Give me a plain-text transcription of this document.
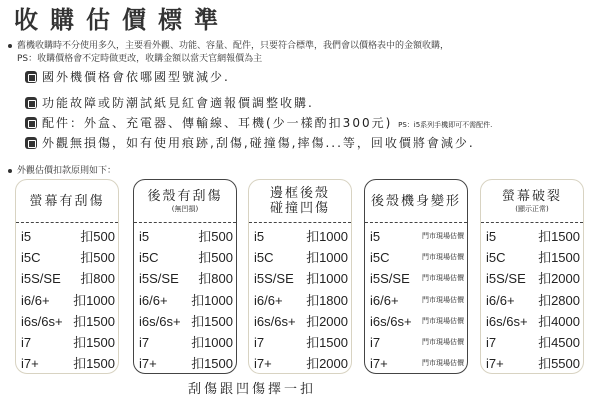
收購估價標準
舊機收購時不分使用多久，主要看外觀、功能、容量、配件，只要符合標準，我們會以價格表中的金額收購，
PS：收購價格會不定時做更改，收購金額以當天官網報價為主
國外機價格會依哪國型號減少.
功能故障或防潮試紙見紅會適報價調整收購.
配件：外盒、充電器、傳輸線、耳機(少一樣酌扣300元) PS：i5系列手機即可不需配件.
外觀無損傷，如有使用痕跡,刮傷,碰撞傷,摔傷...等，回收價將會減少.
外觀估價扣款原則如下：
螢幕有刮傷
i5	扣500
i5C	扣500
i5S/SE 扣800
i6/6+ 扣1000
i6s/6s+ 扣1500
i7	扣1500
i7+	扣1500
後殼有刮傷
(無凹損)
i5	扣500
i5C	扣500
i5S/SE 扣800
i6/6+ 扣1000
i6s/6s+ 扣1500
i7	扣1000
i7+	扣1500
邊框後殼
碰撞凹傷
i5	扣1000
i5C	扣1000
i5S/SE 扣1000
i6/6+ 扣1800
i6s/6s+ 扣2000
i7	扣1500
i7+	扣2000
後殼機身變形
i5	門市現場估價
i5C	門市現場估價
i5S/SE 門市現場估價
i6/6+	門市現場估價
i6s/6s+ 門市現場估價
i7	門市現場估價
i7+	門市現場估價
螢幕破裂
(顯示正常)
i5	扣1500
i5C	扣1500
i5S/SE 扣2000
i6/6+ 扣2800
i6s/6s+ 扣4000
i7	扣4500
i7+	扣5500
刮傷跟凹傷擇一扣
